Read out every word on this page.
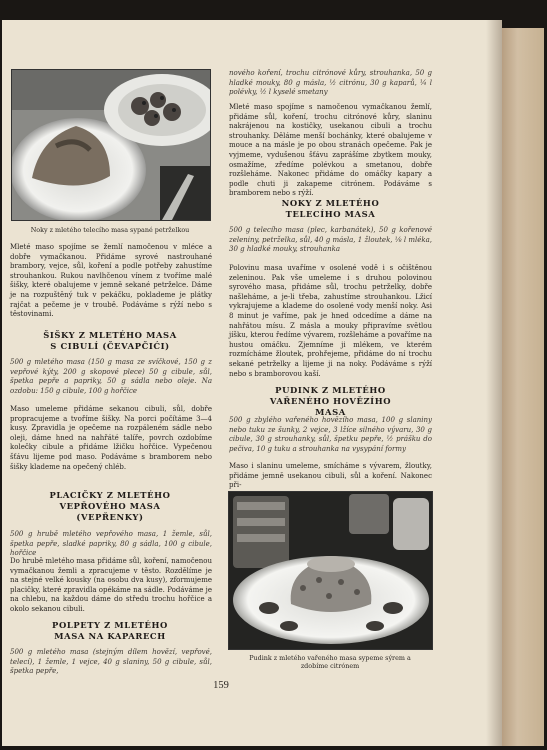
Noky z mletého telecího masa sypané petrželkou
Mleté maso spojíme se žemlí namočenou v mléce a dobře vymačkanou. Přidáme syrové nastrouhané brambory, vejce, sůl, koření a podle potřeby zahustíme strouhankou. Rukou navlhčenou vínem z tvoříme malé šišky, které obalujeme v jemně sekané petrželce. Dáme je na rozpuštěný tuk v pekáčku, poklademe je plátky rajčat a pečeme je v troubě. Podáváme s rýží nebo s těstovinami.
ŠIŠKY Z MLETÉHO MASA S CIBULÍ (ČEVAPČIĆI)
500 g mletého masa (150 g masa ze svíčkové, 150 g z vepřové kýty, 200 g skopové plece) 50 g cibule, sůl, špetka pepře a papriky, 50 g sádla nebo oleje. Na ozdobu: 150 g cibule, 100 g hořčice
Maso umeleme přidáme sekanou cibuli, sůl, dobře propracujeme a tvoříme šišky. Na porci počítáme 3—4 kusy. Zpravidla je opečeme na rozpáleném sádle nebo oleji, dáme hned na nahřáté talíře, povrch ozdobíme kolečky cibule a přidáme lžičku hořčice. Vypečenou šťávu lijeme pod maso. Podáváme s bramborem nebo šišky klademe na opečený chléb.
PLACIČKY Z MLETÉHO VEPŘOVÉHO MASA (VEPŘENKY)
500 g hrubě mletého vepřového masa, 1 žemle, sůl, špetka pepře, sladké papriky, 80 g sádla, 100 g cibule, hořčice
Do hrubě mletého masa přidáme sůl, koření, namočenou vymačkanou žemli a zpracujeme v těsto. Rozdělíme je na stejné velké kousky (na osobu dva kusy), zformujeme placičky, které zpravidla opékáme na sádle. Podáváme je na chlebu, na každou dáme do středu trochu hořčice a okolo sekanou cibuli.
POLPETY Z MLETÉHO MASA NA KAPARECH
500 g mletého masa (stejným dílem hovězí, vepřové, telecí), 1 žemle, 1 vejce, 40 g slaniny, 50 g cibule, sůl, špetka pepře,
nového koření, trochu citrónové kůry, strouhanka, 50 g hladké mouky, 80 g másla, ½ citrónu, 30 g kaparů, ¼ l polévky, ½ l kyselé smetany
Mleté maso spojíme s namočenou vymačkanou žemlí, přidáme sůl, koření, trochu citrónové kůry, slaninu nakrájenou na kostičky, usekanou cibuli a trochu strouhanky. Děláme menší bochánky, které obalujeme v mouce a na másle je po obou stranách opečeme. Pak je vyjmeme, vydušenou šťávu zaprášíme zbytkem mouky, osmažíme, zředíme polévkou a smetanou, dobře rozšleháme. Nakonec přidáme do omáčky kapary a podle chuti ji zakapeme citrónem. Podáváme s bramborem nebo s rýží.
NOKY Z MLETÉHO TELECÍHO MASA
500 g telecího masa (plec, karbanátek), 50 g kořenové zeleniny, petrželka, sůl, 40 g másla, 1 žloutek, ⅛ l mléka, 30 g hladké mouky, strouhanka
Polovinu masa uvaříme v osolené vodě i s očištěnou zeleninou. Pak vše umeleme i s druhou polovinou syrového masa, přidáme sůl, trochu petrželky, dobře našleháme, a je-li třeba, zahustíme strouhankou. Lžicí vykrajujeme a klademe do osolené vody menší noky. Asi 8 minut je vaříme, pak je hned odcedíme a dáme na nahřátou mísu. Z másla a mouky připravíme světlou jíšku, kterou ředíme vývarem, rozšleháme a povaříme na hustou omáčku. Zjemníme ji mlékem, ve kterém rozmícháme žloutek, prohřejeme, přidáme do ní trochu sekané petrželky a lijeme ji na noky. Podáváme s rýží nebo s bramborovou kaší.
PUDINK Z MLETÉHO VAŘENÉHO HOVĚZÍHO MASA
500 g zbylého vařeného hovězího masa, 100 g slaniny nebo tuku ze šunky, 2 vejce, 3 lžíce silného vývaru, 30 g cibule, 30 g strouhanky, sůl, špetku pepře, ½ prášku do pečiva, 10 g tuku a strouhanka na vysypání formy
Maso i slaninu umeleme, smícháme s vývarem, žloutky, přidáme jemně usekanou cibuli, sůl a koření. Nakonec při-
Pudink z mletého vařeného masa sypeme sýrem a zdobíme citrónem
159
